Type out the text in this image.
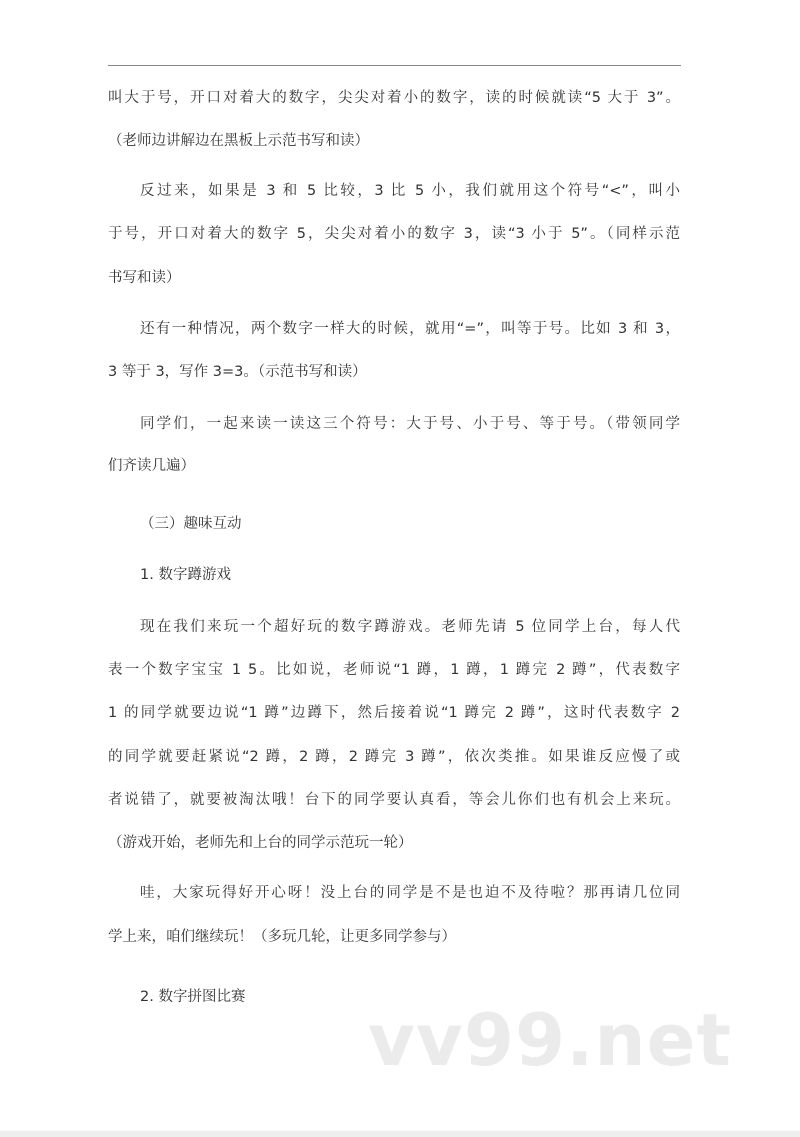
叫大于号，开口对着大的数字，尖尖对着小的数字，读的时候就读“5 大于 3”。
（老师边讲解边在黑板上示范书写和读）
反过来，如果是 3 和 5 比较，3 比 5 小，我们就用这个符号“<”，叫小
于号，开口对着大的数字 5，尖尖对着小的数字 3，读“3 小于 5”。（同样示范
书写和读）
还有一种情况，两个数字一样大的时候，就用“=”，叫等于号。比如 3 和 3，
3 等于 3，写作 3=3。（示范书写和读）
同学们，一起来读一读这三个符号：大于号、小于号、等于号。（带领同学
们齐读几遍）
（三）趣味互动
1. 数字蹲游戏
现在我们来玩一个超好玩的数字蹲游戏。老师先请 5 位同学上台，每人代
表一个数字宝宝 1 5。比如说，老师说“1 蹲，1 蹲，1 蹲完 2 蹲”，代表数字
1 的同学就要边说“1 蹲”边蹲下，然后接着说“1 蹲完 2 蹲”，这时代表数字 2
的同学就要赶紧说“2 蹲，2 蹲，2 蹲完 3 蹲”，依次类推。如果谁反应慢了或
者说错了，就要被淘汰哦！台下的同学要认真看，等会儿你们也有机会上来玩。
（游戏开始，老师先和上台的同学示范玩一轮）
哇，大家玩得好开心呀！没上台的同学是不是也迫不及待啦？那再请几位同
学上来，咱们继续玩！（多玩几轮，让更多同学参与）
2. 数字拼图比赛
vv99.net
